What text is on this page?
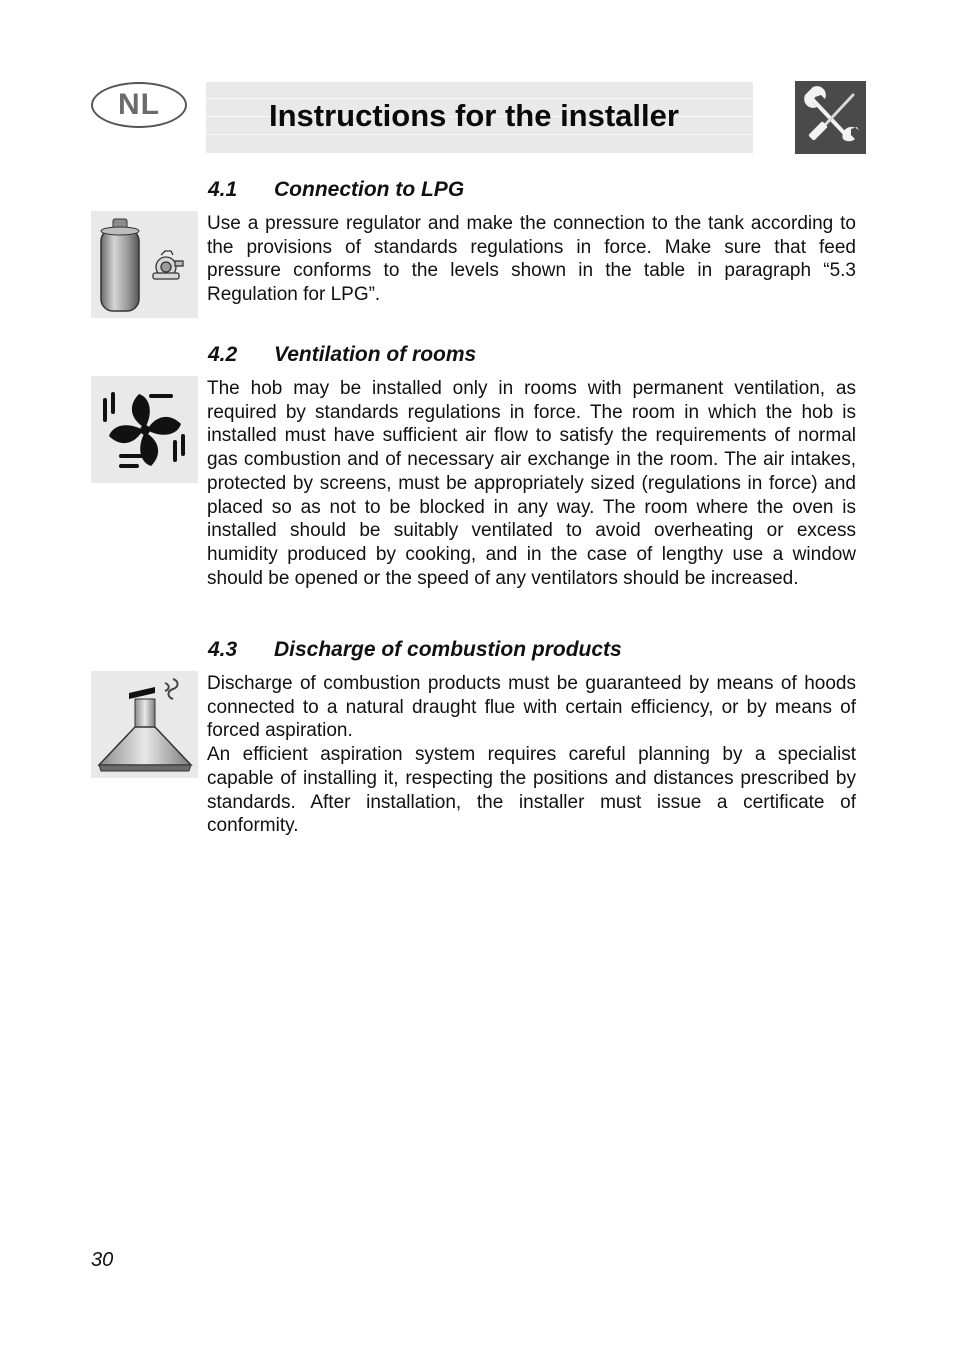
NL	Instructions for the installer
4.1 Connection to LPG

Use a pressure regulator and make the connection to the tank according to the provisions of standards regulations in force. Make sure that feed pressure conforms to the levels shown in the table in paragraph “5.3 Regulation for LPG”.

4.2 Ventilation of rooms

The hob may be installed only in rooms with permanent ventilation, as required by standards regulations in force. The room in which the hob is installed must have sufficient air flow to satisfy the requirements of normal gas combustion and of necessary air exchange in the room. The air intakes, protected by screens, must be appropriately sized (regulations in force) and placed so as not to be blocked in any way. The room where the oven is installed should be suitably ventilated to avoid overheating or excess humidity produced by cooking, and in the case of lengthy use a window should be opened or the speed of any ventilators should be increased.

4.3 Discharge of combustion products

Discharge of combustion products must be guaranteed by means of hoods connected to a natural draught flue with certain efficiency, or by means of forced aspiration.

An efficient aspiration system requires careful planning by a specialist capable of installing it, respecting the positions and distances prescribed by standards. After installation, the installer must issue a certificate of conformity.

30
